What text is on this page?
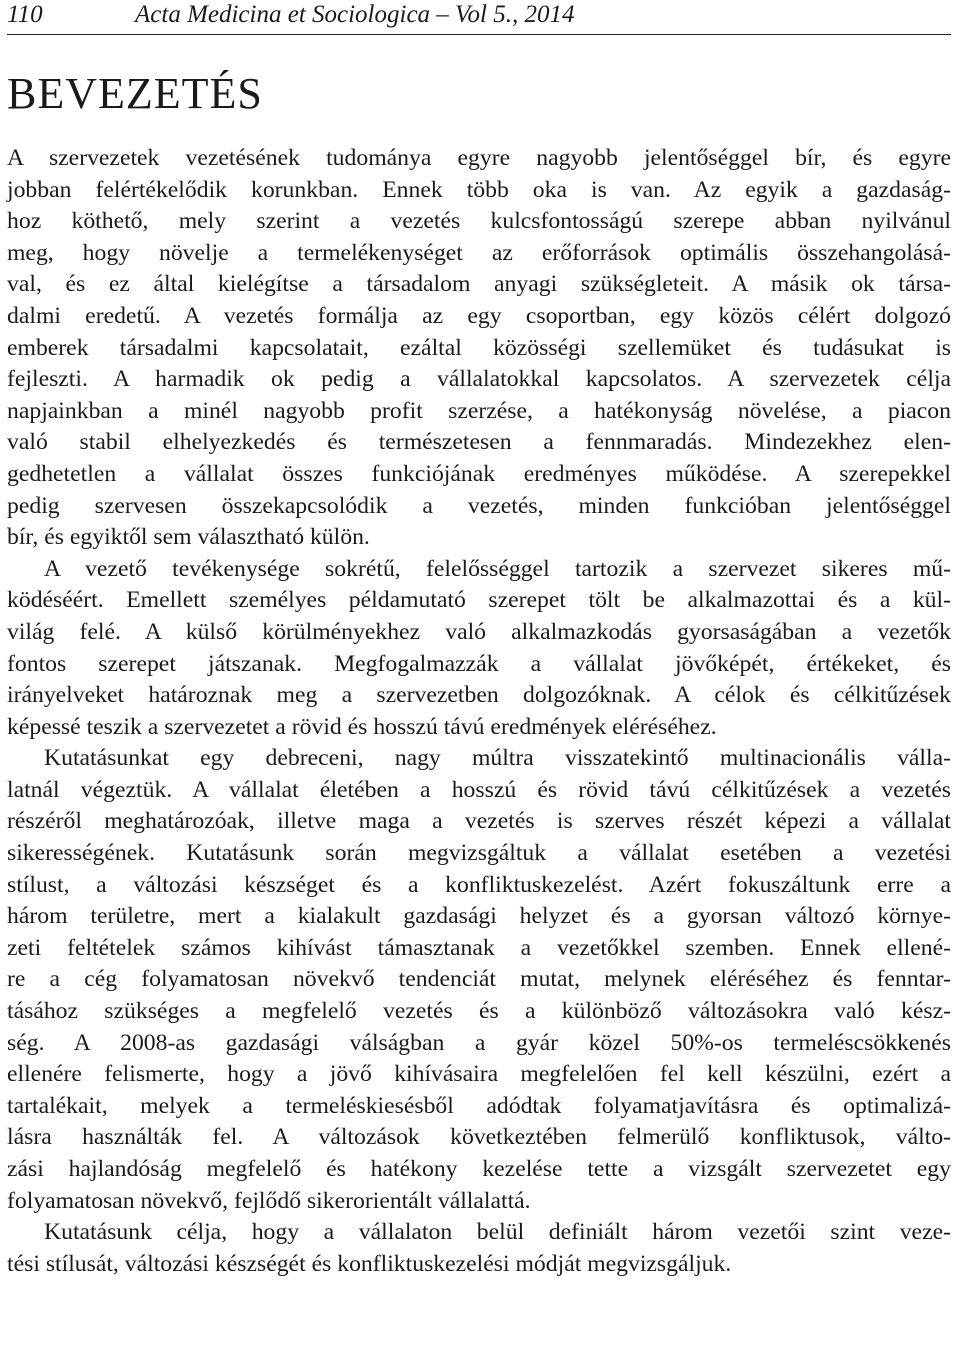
110	Acta Medicina et Sociologica – Vol 5., 2014
BEVEZETÉS
A szervezetek vezetésének tudománya egyre nagyobb jelentőséggel bír, és egyre
jobban felértékelődik korunkban. Ennek több oka is van. Az egyik a gazdaság-
hoz köthető, mely szerint a vezetés kulcsfontosságú szerepe abban nyilvánul
meg, hogy növelje a termelékenységet az erőforrások optimális összehangolásá-
val, és ez által kielégítse a társadalom anyagi szükségleteit. A másik ok társa-
dalmi eredetű. A vezetés formálja az egy csoportban, egy közös célért dolgozó
emberek társadalmi kapcsolatait, ezáltal közösségi szellemüket és tudásukat is
fejleszti. A harmadik ok pedig a vállalatokkal kapcsolatos. A szervezetek célja
napjainkban a minél nagyobb profit szerzése, a hatékonyság növelése, a piacon
való stabil elhelyezkedés és természetesen a fennmaradás. Mindezekhez elen-
gedhetetlen a vállalat összes funkciójának eredményes működése. A szerepekkel
pedig szervesen összekapcsolódik a vezetés, minden funkcióban jelentőséggel
bír, és egyiktől sem választható külön.
A vezető tevékenysége sokrétű, felelősséggel tartozik a szervezet sikeres mű-
ködéséért. Emellett személyes példamutató szerepet tölt be alkalmazottai és a kül-
világ felé. A külső körülményekhez való alkalmazkodás gyorsaságában a vezetők
fontos szerepet játszanak. Megfogalmazzák a vállalat jövőképét, értékeket, és
irányelveket határoznak meg a szervezetben dolgozóknak. A célok és célkitűzések
képessé teszik a szervezetet a rövid és hosszú távú eredmények eléréséhez.
Kutatásunkat egy debreceni, nagy múltra visszatekintő multinacionális válla-
latnál végeztük. A vállalat életében a hosszú és rövid távú célkitűzések a vezetés
részéről meghatározóak, illetve maga a vezetés is szerves részét képezi a vállalat
sikerességének. Kutatásunk során megvizsgáltuk a vállalat esetében a vezetési
stílust, a változási készséget és a konfliktuskezelést. Azért fokuszáltunk erre a
három területre, mert a kialakult gazdasági helyzet és a gyorsan változó környe-
zeti feltételek számos kihívást támasztanak a vezetőkkel szemben. Ennek ellené-
re a cég folyamatosan növekvő tendenciát mutat, melynek eléréséhez és fenntar-
tásához szükséges a megfelelő vezetés és a különböző változásokra való kész-
ség. A 2008-as gazdasági válságban a gyár közel 50%-os termeléscsökkenés
ellenére felismerte, hogy a jövő kihívásaira megfelelően fel kell készülni, ezért a
tartalékait, melyek a termeléskiesésből adódtak folyamatjavításra és optimalizá-
lásra használták fel. A változások következtében felmerülő konfliktusok, válto-
zási hajlandóság megfelelő és hatékony kezelése tette a vizsgált szervezetet egy
folyamatosan növekvő, fejlődő sikerorientált vállalattá.
Kutatásunk célja, hogy a vállalaton belül definiált három vezetői szint veze-
tési stílusát, változási készségét és konfliktuskezelési módját megvizsgáljuk.
